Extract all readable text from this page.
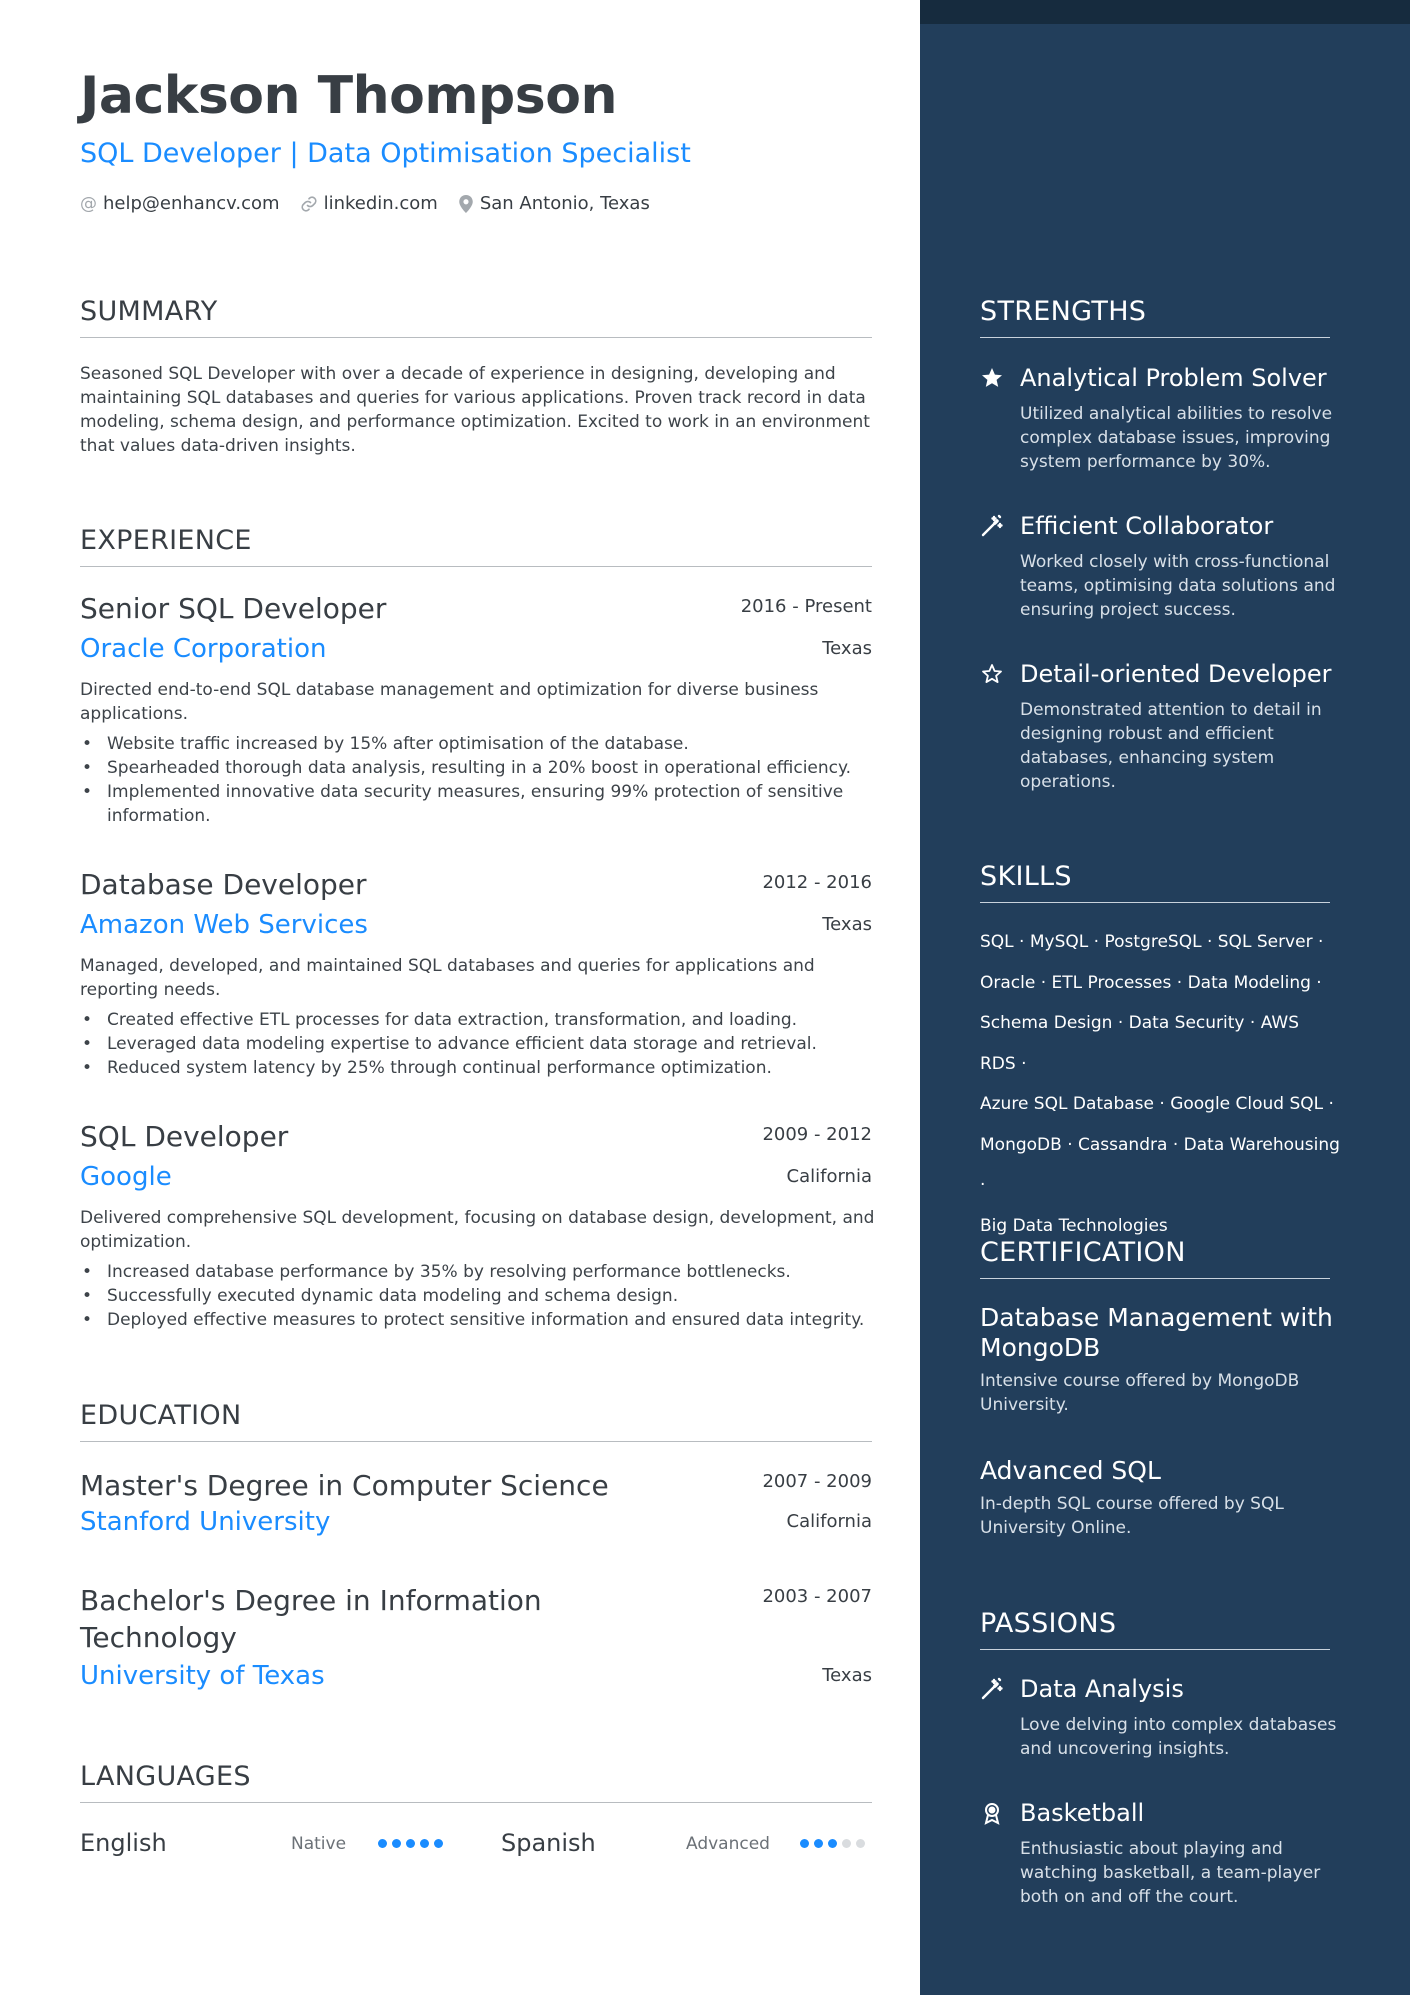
Jackson Thompson
SQL Developer | Data Optimisation Specialist
@ help@enhancv.com linkedin.com San Antonio, Texas
SUMMARY
Seasoned SQL Developer with over a decade of experience in designing, developing and maintaining SQL databases and queries for various applications. Proven track record in data modeling, schema design, and performance optimization. Excited to work in an environment that values data-driven insights.
EXPERIENCE
Senior SQL Developer	2016 - Present
Oracle Corporation	Texas
Directed end-to-end SQL database management and optimization for diverse business applications.
• Website traffic increased by 15% after optimisation of the database.
• Spearheaded thorough data analysis, resulting in a 20% boost in operational efficiency.
• Implemented innovative data security measures, ensuring 99% protection of sensitive information.
Database Developer	2012 - 2016
Amazon Web Services	Texas
Managed, developed, and maintained SQL databases and queries for applications and reporting needs.
• Created effective ETL processes for data extraction, transformation, and loading.
• Leveraged data modeling expertise to advance efficient data storage and retrieval.
• Reduced system latency by 25% through continual performance optimization.
SQL Developer	2009 - 2012
Google	California
Delivered comprehensive SQL development, focusing on database design, development, and optimization.
• Increased database performance by 35% by resolving performance bottlenecks.
• Successfully executed dynamic data modeling and schema design.
• Deployed effective measures to protect sensitive information and ensured data integrity.
EDUCATION
Master's Degree in Computer Science	2007 - 2009
Stanford University	California
Bachelor's Degree in Information Technology
2003 - 2007
University of Texas	Texas
LANGUAGES
English	Native	Spanish	Advanced
STRENGTHS
Analytical Problem Solver
Utilized analytical abilities to resolve complex database issues, improving system performance by 30%.
Efficient Collaborator
Worked closely with cross-functional teams, optimising data solutions and ensuring project success.
Detail-oriented Developer
Demonstrated attention to detail in designing robust and efficient databases, enhancing system operations.
SKILLS
SQL · MySQL · PostgreSQL · SQL Server ·
Oracle · ETL Processes · Data Modeling ·
Schema Design · Data Security · AWS RDS ·
Azure SQL Database · Google Cloud SQL ·
MongoDB · Cassandra · Data Warehousing ·
Big Data Technologies
CERTIFICATION
Database Management with MongoDB
Intensive course offered by MongoDB University.
Advanced SQL
In-depth SQL course offered by SQL University Online.
PASSIONS
Data Analysis
Love delving into complex databases and uncovering insights.
Basketball
Enthusiastic about playing and watching basketball, a team-player both on and off the court.
